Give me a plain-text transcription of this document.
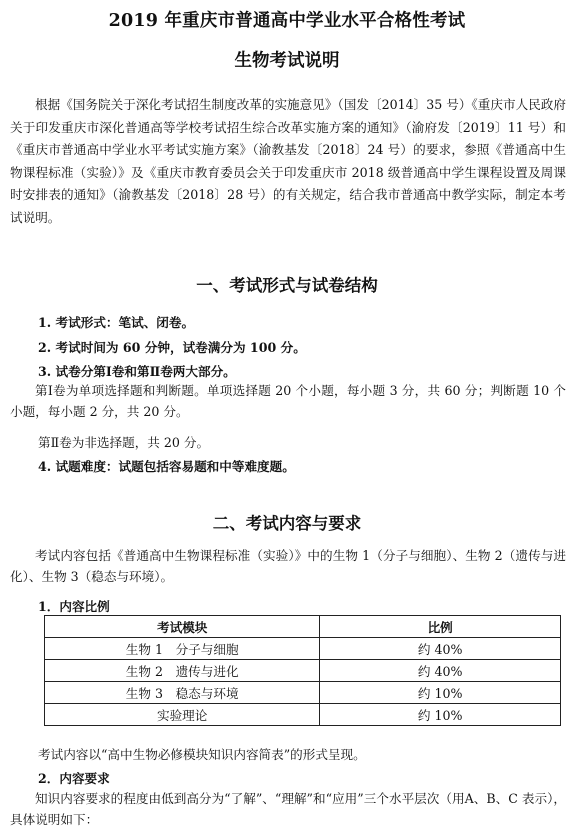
2019 年重庆市普通高中学业水平合格性考试
生物考试说明
根据《国务院关于深化考试招生制度改革的实施意见》（国发〔2014〕35 号）《重庆市人民政府关于印发重庆市深化普通高等学校考试招生综合改革实施方案的通知》（渝府发〔2019〕11 号）和《重庆市普通高中学业水平考试实施方案》（渝教基发〔2018〕24 号）的要求，参照《普通高中生物课程标准（实验）》及《重庆市教育委员会关于印发重庆市 2018 级普通高中学生课程设置及周课时安排表的通知》（渝教基发〔2018〕28 号）的有关规定，结合我市普通高中教学实际，制定本考试说明。
一、考试形式与试卷结构
1. 考试形式：笔试、闭卷。
2. 考试时间为 60 分钟，试卷满分为 100 分。
3. 试卷分第Ⅰ卷和第Ⅱ卷两大部分。
第Ⅰ卷为单项选择题和判断题。单项选择题 20 个小题，每小题 3 分，共 60 分；判断题 10 个小题，每小题 2 分，共 20 分。
第Ⅱ卷为非选择题，共 20 分。
4. 试题难度：试题包括容易题和中等难度题。
二、考试内容与要求
考试内容包括《普通高中生物课程标准（实验）》中的生物 1（分子与细胞）、生物 2（遗传与进化）、生物 3（稳态与环境）。
1．内容比例
考试模块	比例
生物 1　分子与细胞	约 40%
生物 2　遗传与进化	约 40%
生物 3　稳态与环境	约 10%
实验理论	约 10%
考试内容以“高中生物必修模块知识内容简表”的形式呈现。
2．内容要求
知识内容要求的程度由低到高分为“了解”、“理解”和“应用”三个水平层次（用A、B、C 表示），具体说明如下：
